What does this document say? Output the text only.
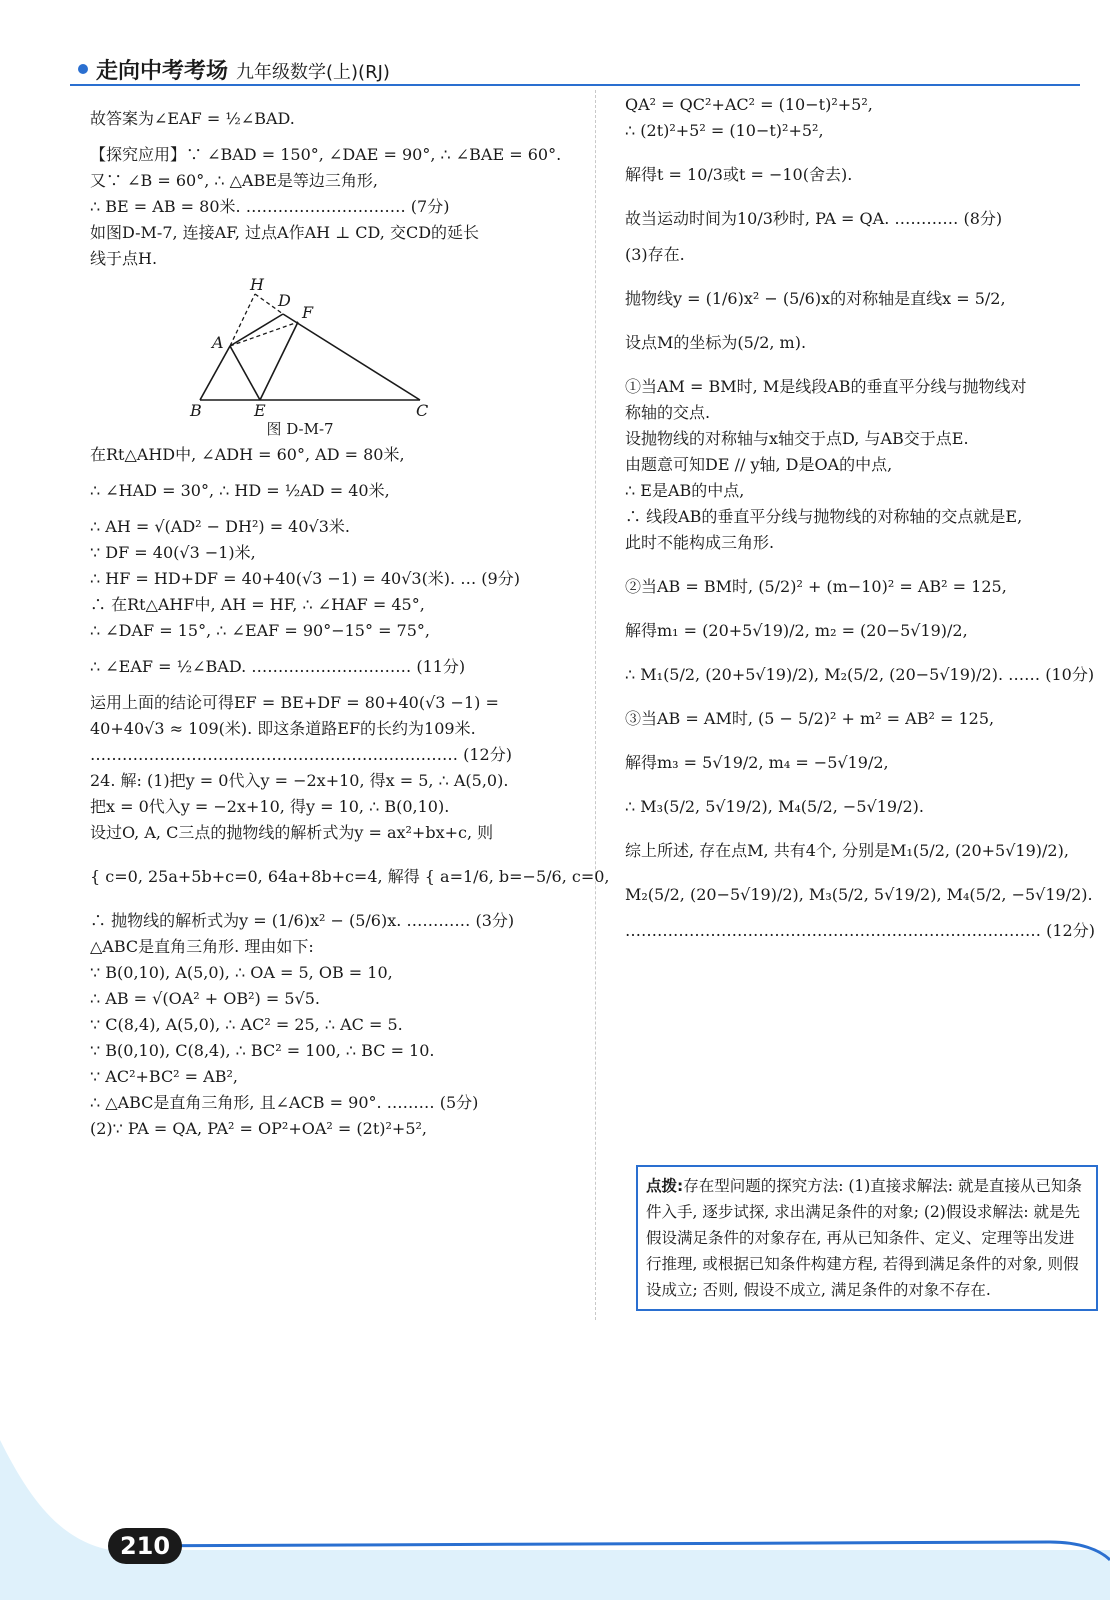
走向中考考场 九年级数学(上)(RJ)

故答案为∠EAF = ½∠BAD.

【探究应用】∵ ∠BAD = 150°, ∠DAE = 90°, ∴ ∠BAE = 60°.

又∵ ∠B = 60°, ∴ △ABE是等边三角形,

∴ BE = AB = 80米. ………………………… (7分)

如图D-M-7, 连接AF, 过点A作AH ⊥ CD, 交CD的延长

线于点H.

H
D
F
A
B	E	C
图 D-M-7

在Rt△AHD中, ∠ADH = 60°, AD = 80米,

∴ ∠HAD = 30°, ∴ HD = ½AD = 40米,

∴ AH = √(AD² − DH²) = 40√3米.

∵ DF = 40(√3 −1)米,

∴ HF = HD+DF = 40+40(√3 −1) = 40√3(米). … (9分)

∴ 在Rt△AHF中, AH = HF, ∴ ∠HAF = 45°,

∴ ∠DAF = 15°, ∴ ∠EAF = 90°−15° = 75°,

∴ ∠EAF = ½∠BAD. ………………………… (11分)

运用上面的结论可得EF = BE+DF = 80+40(√3 −1) =

40+40√3 ≈ 109(米). 即这条道路EF的长约为109米.

…………………………………………………………… (12分)

24. 解: (1)把y = 0代入y = −2x+10, 得x = 5, ∴ A(5,0).

把x = 0代入y = −2x+10, 得y = 10, ∴ B(0,10).

设过O, A, C三点的抛物线的解析式为y = ax²+bx+c, 则

{ c=0, 25a+5b+c=0, 64a+8b+c=4, 解得 { a=1/6, b=−5/6, c=0,

∴ 抛物线的解析式为y = (1/6)x² − (5/6)x. ………… (3分)

△ABC是直角三角形. 理由如下:

∵ B(0,10), A(5,0), ∴ OA = 5, OB = 10,

∴ AB = √(OA² + OB²) = 5√5.

∵ C(8,4), A(5,0), ∴ AC² = 25, ∴ AC = 5.

∵ B(0,10), C(8,4), ∴ BC² = 100, ∴ BC = 10.

∵ AC²+BC² = AB²,

∴ △ABC是直角三角形, 且∠ACB = 90°. ……… (5分)

(2)∵ PA = QA, PA² = OP²+OA² = (2t)²+5²,

QA² = QC²+AC² = (10−t)²+5²,

∴ (2t)²+5² = (10−t)²+5²,

解得t = 10/3或t = −10(舍去).

故当运动时间为10/3秒时, PA = QA. ………… (8分)

(3)存在.

抛物线y = (1/6)x² − (5/6)x的对称轴是直线x = 5/2,

设点M的坐标为(5/2, m).

①当AM = BM时, M是线段AB的垂直平分线与抛物线对

称轴的交点.

设抛物线的对称轴与x轴交于点D, 与AB交于点E.

由题意可知DE // y轴, D是OA的中点,

∴ E是AB的中点,

∴ 线段AB的垂直平分线与抛物线的对称轴的交点就是E,

此时不能构成三角形.

②当AB = BM时, (5/2)² + (m−10)² = AB² = 125,

解得m₁ = (20+5√19)/2, m₂ = (20−5√19)/2,

∴ M₁(5/2, (20+5√19)/2), M₂(5/2, (20−5√19)/2). …… (10分)

③当AB = AM时, (5 − 5/2)² + m² = AB² = 125,

解得m₃ = 5√19/2, m₄ = −5√19/2,

∴ M₃(5/2, 5√19/2), M₄(5/2, −5√19/2).

综上所述, 存在点M, 共有4个, 分别是M₁(5/2, (20+5√19)/2),

M₂(5/2, (20−5√19)/2), M₃(5/2, 5√19/2), M₄(5/2, −5√19/2).

…………………………………………………………………… (12分)

点拨:存在型问题的探究方法: (1)直接求解法: 就是直接从已知条件入手, 逐步试探, 求出满足条件的对象; (2)假设求解法: 就是先假设满足条件的对象存在, 再从已知条件、定义、定理等出发进行推理, 或根据已知条件构建方程, 若得到满足条件的对象, 则假设成立; 否则, 假设不成立, 满足条件的对象不存在.
210
